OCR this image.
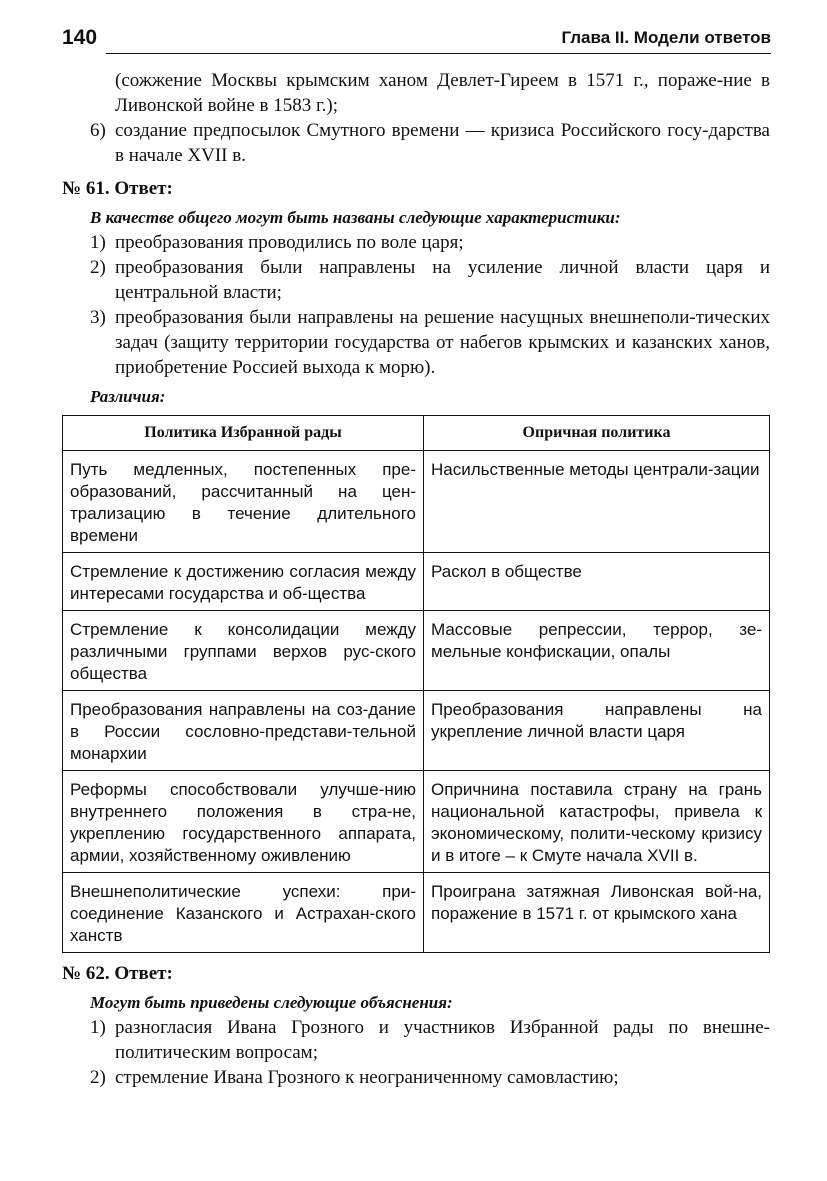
140	Глава II. Модели ответов
(сожжение Москвы крымским ханом Девлет-Гиреем в 1571 г., пораже-ние в Ливонской войне в 1583 г.);
6) создание предпосылок Смутного времени — кризиса Российского госу-дарства в начале XVII в.
№ 61. Ответ:
В качестве общего могут быть названы следующие характеристики:
1) преобразования проводились по воле царя;
2) преобразования были направлены на усиление личной власти царя и центральной власти;
3) преобразования были направлены на решение насущных внешнеполи-тических задач (защиту территории государства от набегов крымских и казанских ханов, приобретение Россией выхода к морю).
Различия:
Политика Избранной рады	Опричная политика
Путь медленных, постепенных пре-образований, рассчитанный на цен-трализацию в течение длительного времени	Насильственные методы централи-зации
Стремление к достижению согласия между интересами государства и об-щества	Раскол в обществе
Стремление к консолидации между различными группами верхов рус-ского общества	Массовые репрессии, террор, зе-мельные конфискации, опалы
Преобразования направлены на соз-дание в России сословно-представи-тельной монархии	Преобразования направлены на укрепление личной власти царя
Реформы способствовали улучше-нию внутреннего положения в стра-не, укреплению государственного аппарата, армии, хозяйственному оживлению	Опричнина поставила страну на грань национальной катастрофы, привела к экономическому, полити-ческому кризису и в итоге – к Смуте начала XVII в.
Внешнеполитические успехи: при-соединение Казанского и Астрахан-ского ханств	Проиграна затяжная Ливонская вой-на, поражение в 1571 г. от крымского хана
№ 62. Ответ:
Могут быть приведены следующие объяснения:
1) разногласия Ивана Грозного и участников Избранной рады по внешне-политическим вопросам;
2) стремление Ивана Грозного к неограниченному самовластию;
